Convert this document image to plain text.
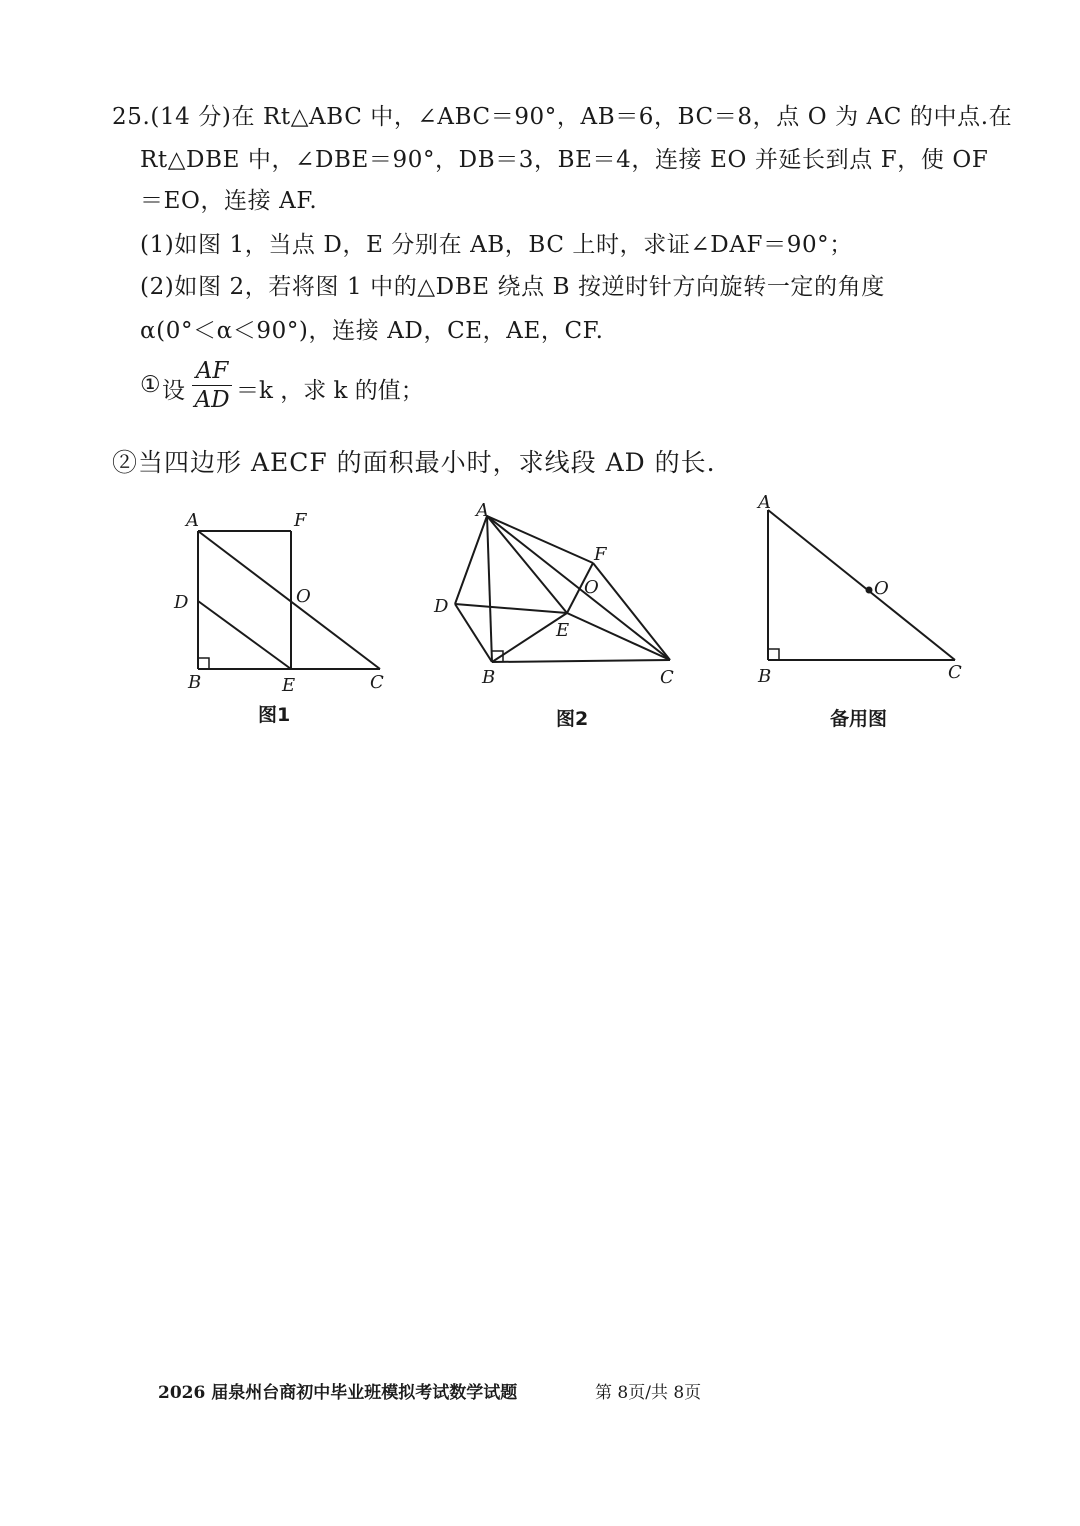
25.(14 分)在 Rt△ABC 中，∠ABC＝90°，AB＝6，BC＝8，点 O 为 AC 的中点.在
Rt△DBE 中，∠DBE＝90°，DB＝3，BE＝4，连接 EO 并延长到点 F，使 OF
＝EO，连接 AF.
(1)如图 1，当点 D，E 分别在 AB，BC 上时，求证∠DAF＝90°；
(2)如图 2，若将图 1 中的△DBE 绕点 B 按逆时针方向旋转一定的角度
α(0°＜α＜90°)，连接 AD，CE，AE，CF.
① 设
AF
AD ＝k ，求 k 的值；
②当四边形 AECF 的面积最小时，求线段 AD 的长.
A	F
D	O
B	E	C
图1
A
F
O
D
E
B	C
图2
A
O
B	C
备用图
2026 届泉州台商初中毕业班模拟考试数学试题	第 8页/共 8页
